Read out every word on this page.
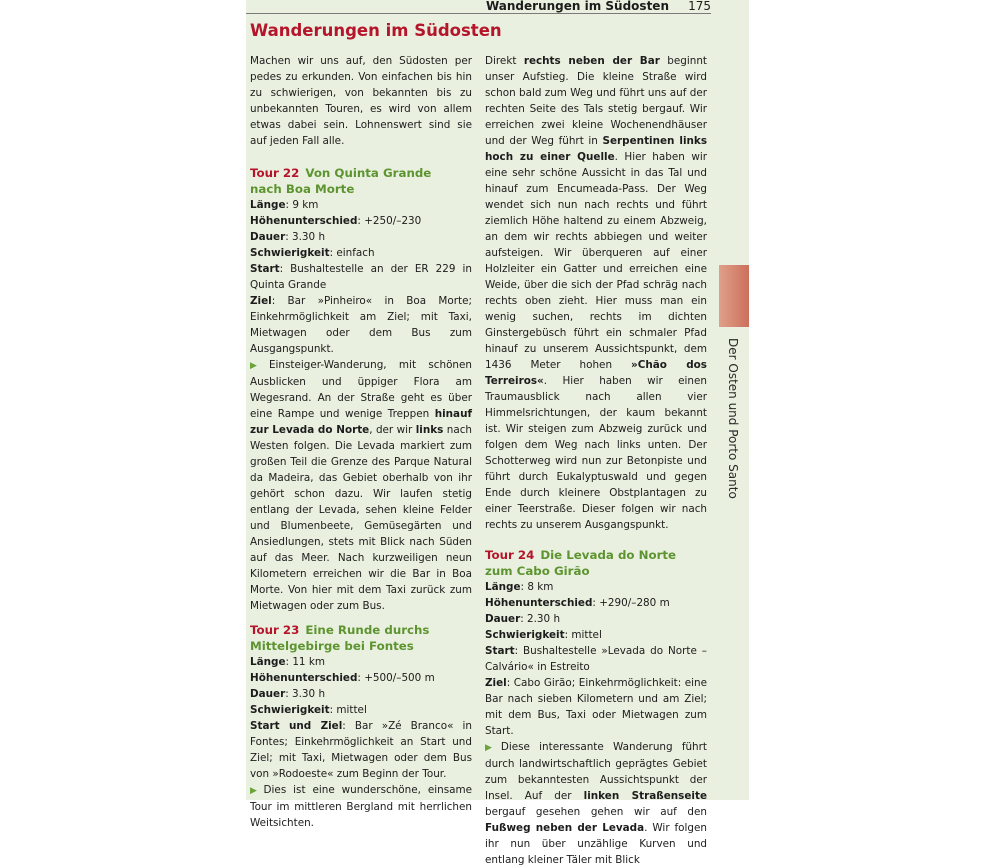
Wanderungen im Südosten 175
Wanderungen im Südosten

Machen wir uns auf, den Südosten per pedes zu erkunden. Von einfachen bis hin zu schwierigen, von bekannten bis zu unbekannten Touren, es wird von allem etwas dabei sein. Lohnenswert sind sie auf jeden Fall alle.

Tour 22 Von Quinta Grande
nach Boa Morte

Länge: 9 km

Höhenunterschied: +250/–230

Dauer: 3.30 h

Schwierigkeit: einfach

Start: Bushaltestelle an der ER 229 in Quinta Grande

Ziel: Bar »Pinheiro« in Boa Morte; Einkehrmöglichkeit am Ziel; mit Taxi, Mietwagen oder dem Bus zum Ausgangspunkt.

▶ Einsteiger-Wanderung, mit schönen Ausblicken und üppiger Flora am Wegesrand. An der Straße geht es über eine Rampe und wenige Treppen hinauf zur Levada do Norte, der wir links nach Westen folgen. Die Levada markiert zum großen Teil die Grenze des Parque Natural da Madeira, das Gebiet oberhalb von ihr gehört schon dazu. Wir laufen stetig entlang der Levada, sehen kleine Felder und Blumenbeete, Gemüsegärten und Ansiedlungen, stets mit Blick nach Süden auf das Meer. Nach kurzweiligen neun Kilometern erreichen wir die Bar in Boa Morte. Von hier mit dem Taxi zurück zum Mietwagen oder zum Bus.

Tour 23 Eine Runde durchs
Mittelgebirge bei Fontes

Länge: 11 km

Höhenunterschied: +500/–500 m

Dauer: 3.30 h

Schwierigkeit: mittel

Start und Ziel: Bar »Zé Branco« in Fontes; Einkehrmöglichkeit an Start und Ziel; mit Taxi, Mietwagen oder dem Bus von »Rodoeste« zum Beginn der Tour.

▶ Dies ist eine wunderschöne, einsame Tour im mittleren Bergland mit herrlichen Weitsichten.

Direkt rechts neben der Bar beginnt unser Aufstieg. Die kleine Straße wird schon bald zum Weg und führt uns auf der rechten Seite des Tals stetig bergauf. Wir erreichen zwei kleine Wochenendhäuser und der Weg führt in Serpentinen links hoch zu einer Quelle. Hier haben wir eine sehr schöne Aussicht in das Tal und hinauf zum Encumeada-Pass. Der Weg wendet sich nun nach rechts und führt ziemlich Höhe haltend zu einem Abzweig, an dem wir rechts abbiegen und weiter aufsteigen. Wir überqueren auf einer Holzleiter ein Gatter und erreichen eine Weide, über die sich der Pfad schräg nach rechts oben zieht. Hier muss man ein wenig suchen, rechts im dichten Ginstergebüsch führt ein schmaler Pfad hinauf zu unserem Aussichtspunkt, dem 1436 Meter hohen »Chão dos Terreiros«. Hier haben wir einen Traumausblick nach allen vier Himmelsrichtungen, der kaum bekannt ist. Wir steigen zum Abzweig zurück und folgen dem Weg nach links unten. Der Schotterweg wird nun zur Betonpiste und führt durch Eukalyptuswald und gegen Ende durch kleinere Obstplantagen zu einer Teerstraße. Dieser folgen wir nach rechts zu unserem Ausgangspunkt.

Tour 24 Die Levada do Norte
zum Cabo Girão

Länge: 8 km

Höhenunterschied: +290/–280 m

Dauer: 2.30 h

Schwierigkeit: mittel

Start: Bushaltestelle »Levada do Norte – Calvário« in Estreito

Ziel: Cabo Girão; Einkehrmöglichkeit: eine Bar nach sieben Kilometern und am Ziel; mit dem Bus, Taxi oder Mietwagen zum Start.

▶ Diese interessante Wanderung führt durch landwirtschaftlich geprägtes Gebiet zum bekanntesten Aussichtspunkt der Insel. Auf der linken Straßenseite bergauf gesehen gehen wir auf den Fußweg neben der Levada. Wir folgen ihr nun über unzählige Kurven und entlang kleiner Täler mit Blick

Der Osten und Porto Santo
